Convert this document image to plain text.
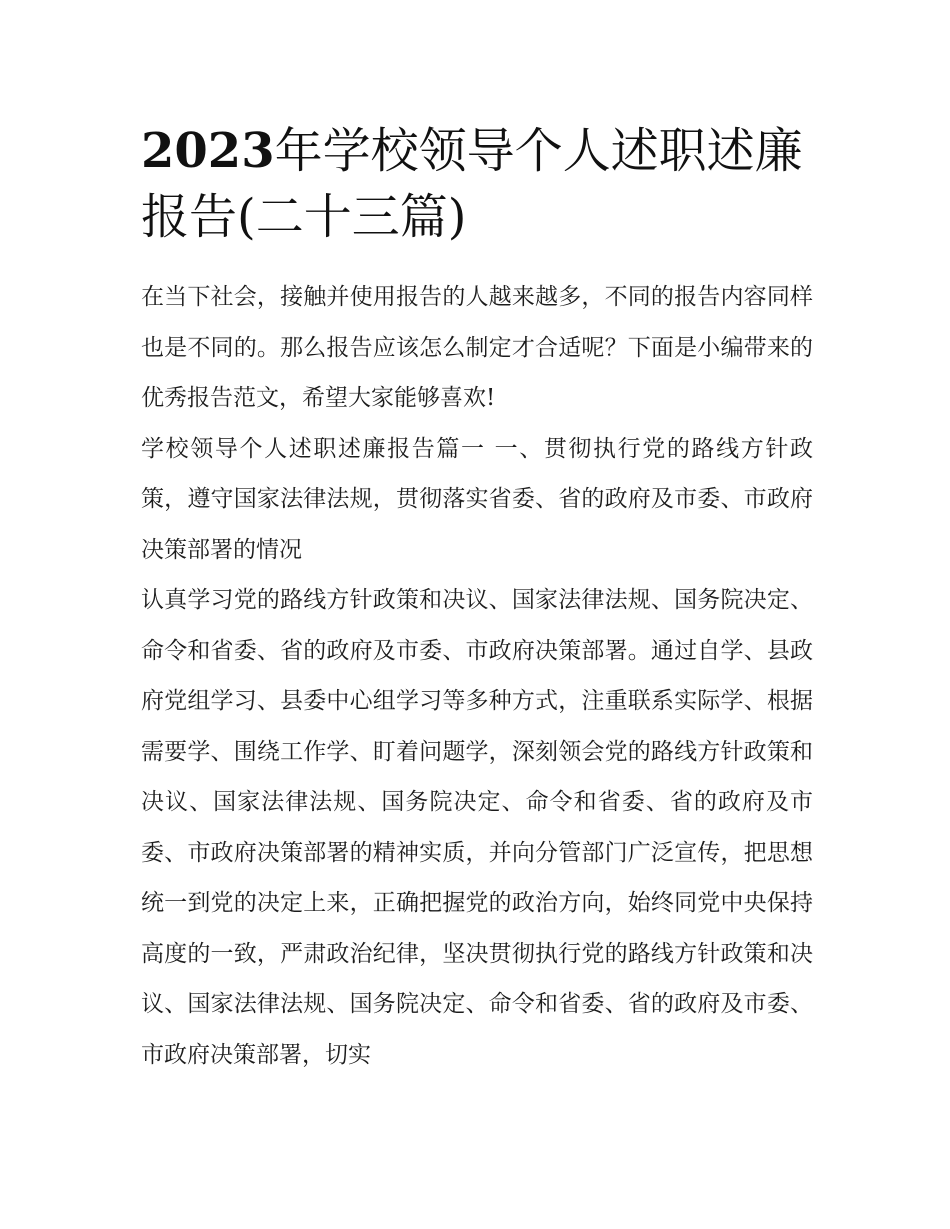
2023年学校领导个人述职述廉报告(二十三篇)

在当下社会，接触并使用报告的人越来越多，不同的报告内容同样也是不同的。那么报告应该怎么制定才合适呢？下面是小编带来的优秀报告范文，希望大家能够喜欢!

学校领导个人述职述廉报告篇一 一、贯彻执行党的路线方针政策，遵守国家法律法规，贯彻落实省委、省的政府及市委、市政府决策部署的情况

认真学习党的路线方针政策和决议、国家法律法规、国务院决定、命令和省委、省的政府及市委、市政府决策部署。通过自学、县政府党组学习、县委中心组学习等多种方式，注重联系实际学、根据需要学、围绕工作学、盯着问题学，深刻领会党的路线方针政策和决议、国家法律法规、国务院决定、命令和省委、省的政府及市委、市政府决策部署的精神实质，并向分管部门广泛宣传，把思想统一到党的决定上来，正确把握党的政治方向，始终同党中央保持高度的一致，严肃政治纪律，坚决贯彻执行党的路线方针政策和决议、国家法律法规、国务院决定、命令和省委、省的政府及市委、市政府决策部署，切实
